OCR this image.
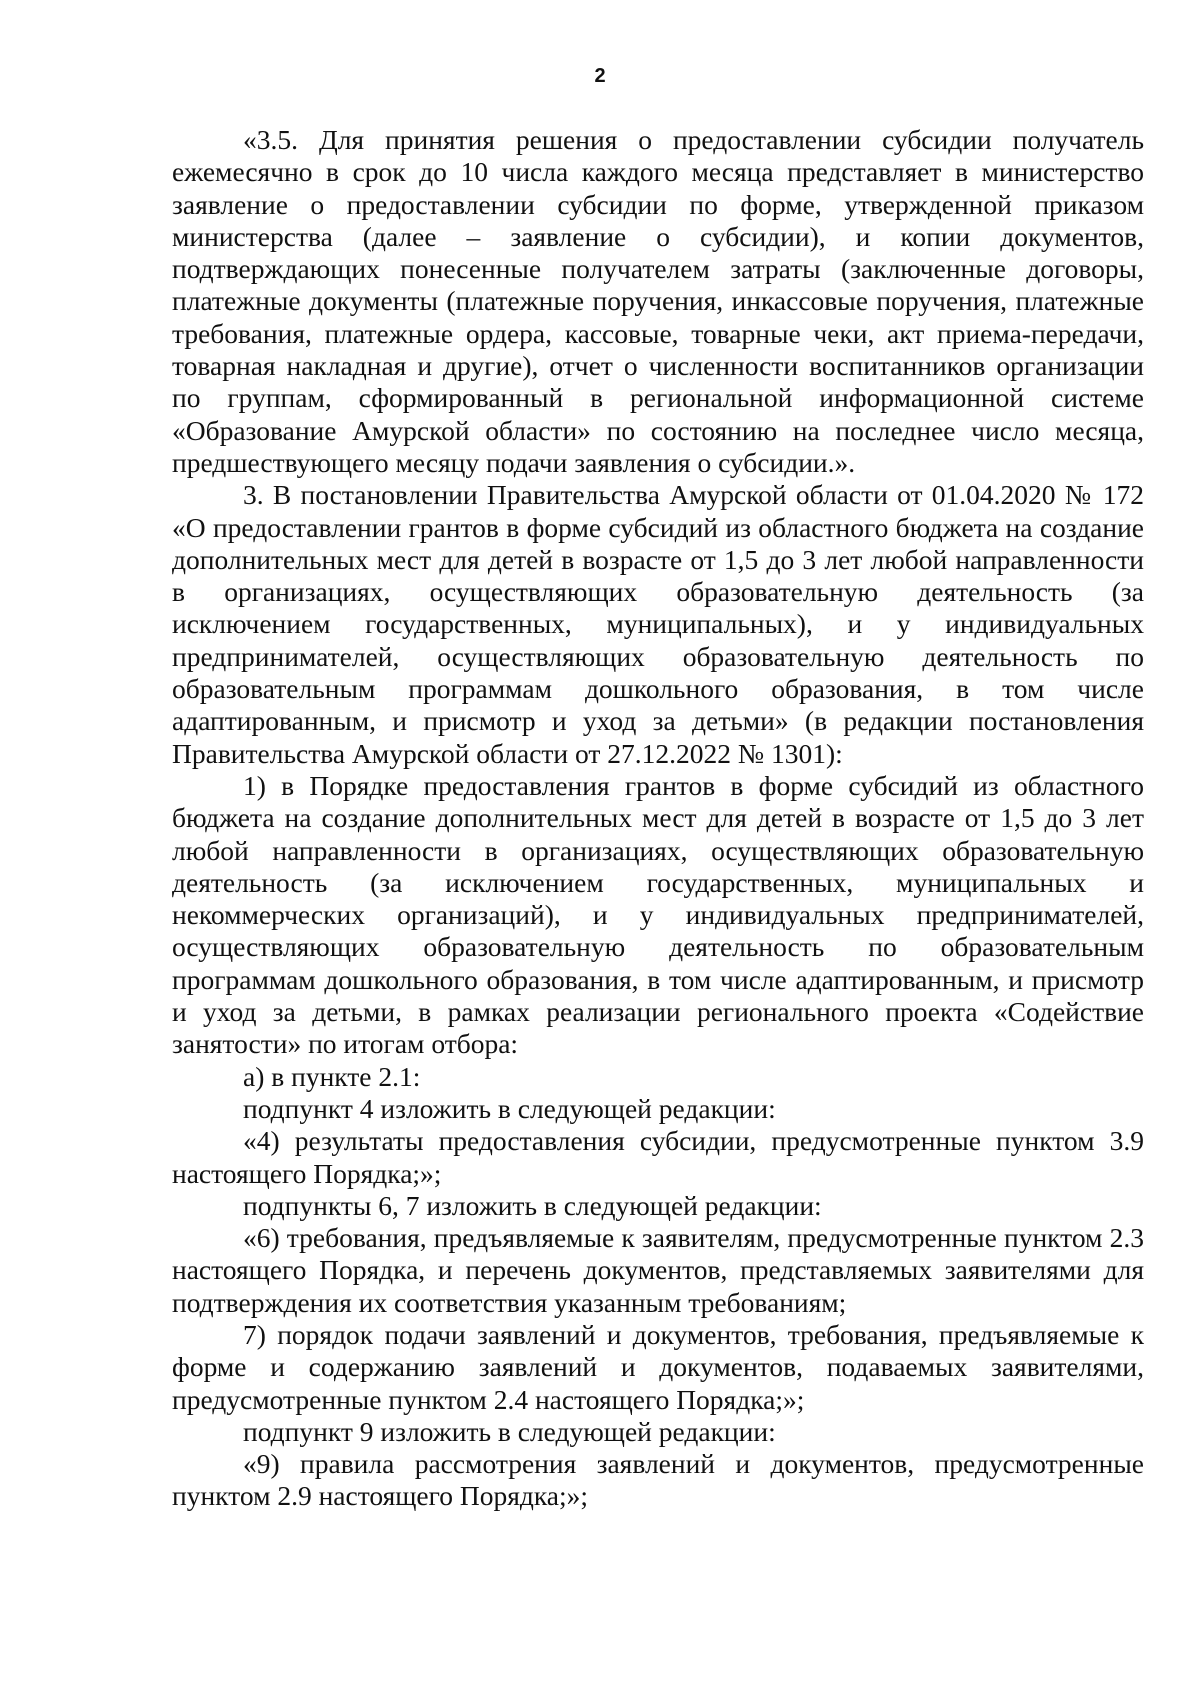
2

«3.5. Для принятия решения о предоставлении субсидии получатель ежемесячно в срок до 10 числа каждого месяца представляет в министерство заявление о предоставлении субсидии по форме, утвержденной приказом министерства (далее – заявление о субсидии), и копии документов, подтверждающих понесенные получателем затраты (заключенные договоры, платежные документы (платежные поручения, инкассовые поручения, платежные требования, платежные ордера, кассовые, товарные чеки, акт приема-передачи, товарная накладная и другие), отчет о численности воспитанников организации по группам, сформированный в региональной информационной системе «Образование Амурской области» по состоянию на последнее число месяца, предшествующего месяцу подачи заявления о субсидии.».

3. В постановлении Правительства Амурской области от 01.04.2020 № 172 «О предоставлении грантов в форме субсидий из областного бюджета на создание дополнительных мест для детей в возрасте от 1,5 до 3 лет любой направленности в организациях, осуществляющих образовательную деятельность (за исключением государственных, муниципальных), и у индивидуальных предпринимателей, осуществляющих образовательную деятельность по образовательным программам дошкольного образования, в том числе адаптированным, и присмотр и уход за детьми» (в редакции постановления Правительства Амурской области от 27.12.2022 № 1301):

1) в Порядке предоставления грантов в форме субсидий из областного бюджета на создание дополнительных мест для детей в возрасте от 1,5 до 3 лет любой направленности в организациях, осуществляющих образовательную деятельность (за исключением государственных, муниципальных и некоммерческих организаций), и у индивидуальных предпринимателей, осуществляющих образовательную деятельность по образовательным программам дошкольного образования, в том числе адаптированным, и присмотр и уход за детьми, в рамках реализации регионального проекта «Содействие занятости» по итогам отбора:

а) в пункте 2.1:

подпункт 4 изложить в следующей редакции:

«4) результаты предоставления субсидии, предусмотренные пунктом 3.9 настоящего Порядка;»;

подпункты 6, 7 изложить в следующей редакции:

«6) требования, предъявляемые к заявителям, предусмотренные пунктом 2.3 настоящего Порядка, и перечень документов, представляемых заявителями для подтверждения их соответствия указанным требованиям;

7) порядок подачи заявлений и документов, требования, предъявляемые к форме и содержанию заявлений и документов, подаваемых заявителями, предусмотренные пунктом 2.4 настоящего Порядка;»;

подпункт 9 изложить в следующей редакции:

«9) правила рассмотрения заявлений и документов, предусмотренные пунктом 2.9 настоящего Порядка;»;
